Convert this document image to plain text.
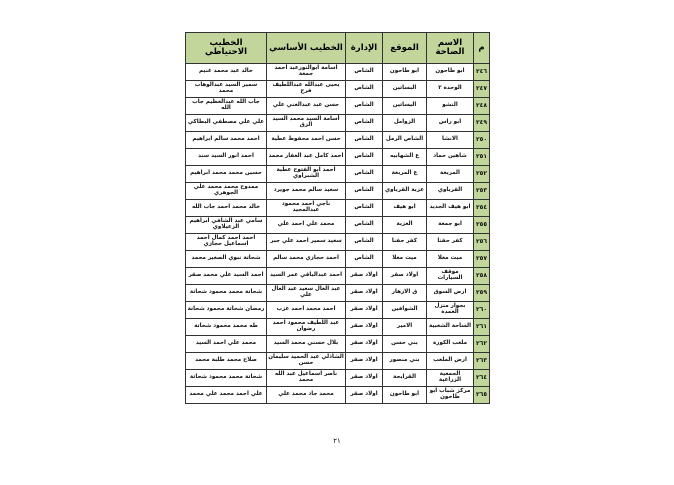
م	الاسم الصاحة	الموقع	الإدارة	الخطيب الأساسي	الخطيب الاحتياطي
٢٤٦	ابو طاحون	ابو طاحون	الشاص	اسامة ابوالنورعبد احمد جمعة	خالد عبد محمد غنيم
٢٤٧	الوحدة ٢	البساتين	الشاص	يحيى عبدالله عبداللطيف فرج	سمير السيد عبدالوهاب محمد
٢٤٨	النشو	البساتين	الشاص	حسن عبد عبدالغني علي	جاب الله عبدالعظيم جاب الله
٢٤٩	ابو راس	الزوامل	الشاص	أسامة السيد محمد السيد الزق	علي علي مصطفي البطاكي
٢٥٠	الانشا	الشاص الرمل	الشاص	حسن احمد محفوظ عطية	احمد محمد سالم ابراهيم
٢٥١	شاهين حماد	ع الشهابيه	الشاص	احمد كامل عبد الغفار محمد	احمد انور السيد سند
٢٥٢	المربعة	ع المربعة	الشاص	احمد ابو الفتوح عطية الشبراوي	حسين محمد محمد ابراهيم
٢٥٣	القرباوي	عزبة القرباوي	الشاص	سعيد سالم محمد جويرد	ممدوح محمد محمد علي الجوهري
٢٥٤	ابو هيف الجديد	ابو هيف	الشاص	ناجي احمد محمود عبدالمجيد	خالد محمد احمد جاب الله
٢٥٥	ابو جمعة	العزبة	الشاص	محمد علي احمد علي	سامي عبد الشافي ابراهيم الزعيلاوي
٢٥٦	كفر حفنا	كفر حفنا	الشاص	سعيد سمير احمد علي جبر	احمد احمد كمال احمد اسماعيل حجازي
٢٥٧	ميت معلا	ميت معلا	الشاص	احمد حجازي محمد سالم	شحاتة نبوي الصغير محمد
٢٥٨	موقف السيارات	اولاد صقر	اولاد صقر	احمد عبدالباقي عمر السيد	احمد السيد علي محمد صقر
٢٥٩	ارض السوق	ق الازهار	اولاد صقر	عبد العال سعيد عبد العال علي	شحاتة محمد محمود شحاتة
٢٦٠	بجوار منزل العمدة	الشوافين	اولاد صقر	احمد محمد احمد عزب	رمضان شحاتة محمود شحاتة
٢٦١	الساحة الشعبية	الامير	اولاد صقر	عبد اللطيف محمود احمد رضوان	طه محمد محمود شحاتة
٢٦٢	ملعب الكورة	بني حسن	اولاد صقر	بلال حسني محمد السيد	محمد علي احمد السيد
٢٦٣	ارض الملعب	بني منصور	اولاد صقر	الشاذلي عبد الحميد سليمان حسن	صلاح محمد طلبة محمد
٢٦٤	الجمعية الزراعية	القرايحة	اولاد صقر	ناصر اسماعيل عبد الله محمد	شحاتة محمد محمود شحاتة
٢٦٥	مركز شباب ابو طاحون	ابو طاحون	اولاد صقر	محمد جاد محمد علي	علي احمد محمد علي محمد
٢١
